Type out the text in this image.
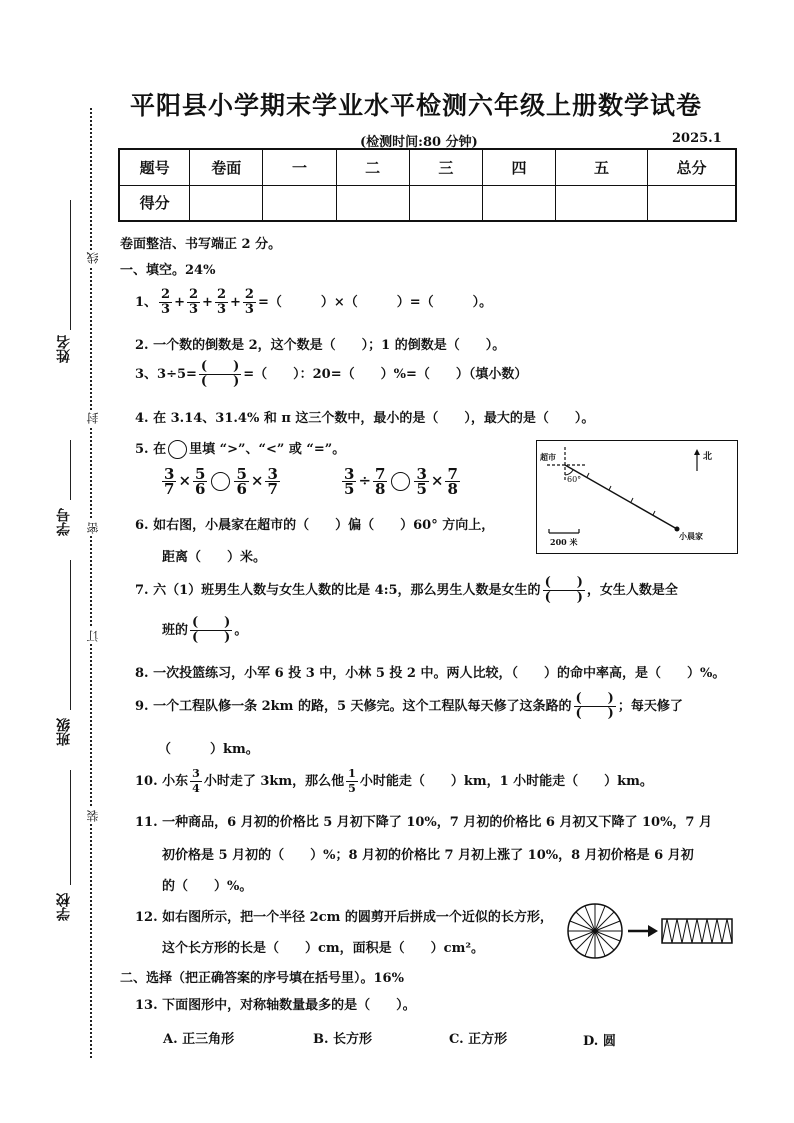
线
封
密
订
装
姓名
学号
班级
学校
平阳县小学期末学业水平检测六年级上册数学试卷
(检测时间:80 分钟)	2025.1
题号	卷面	一	二	三	四	五	总分
得分							
卷面整洁、书写端正 2 分。
一、填空。24%
1、 $\frac{2}{3} + \frac{2}{3} + \frac{2}{3} + \frac{2}{3}$ =（　　　）×（　　　）=（　　　）。
2. 一个数的倒数是 2，这个数是（　　）；1 的倒数是（　　）。
3、$3\div 5= \frac{( )}{( )}$ =（　　）：20=（　　）%=（　　）（填小数）
4. 在 3.14、31.4% 和 π 这三个数中，最小的是（　　），最大的是（　　）。
5. 在 里填 “>”、“<” 或 “=”。
$\frac{3}{7} \times \frac{5}{6} \frac{5}{6} \times \frac{3}{7}$	$\frac{3}{5} \div \frac{7}{8} \frac{3}{5} \times \frac{7}{8}$
超市
60°
北
200 米
小晨家
6. 如右图，小晨家在超市的（　　）偏（　　）60° 方向上，
距离（　　）米。
7. 六（1）班男生人数与女生人数的比是 4:5，那么男生人数是女生的 $\frac{( )}{( )}$ ，女生人数是全
班的 $\frac{( )}{( )}$ 。
8. 一次投篮练习，小军 6 投 3 中，小林 5 投 2 中。两人比较，（　　）的命中率高，是（　　）%。
9. 一个工程队修一条 2km 的路，5 天修完。这个工程队每天修了这条路的 $\frac{( )}{( )}$ ；每天修了
（　　　）km。
10. 小东 $\frac{3}{4}$ 小时走了 3km，那么他 $\frac{1}{5}$ 小时能走（　　）km，1 小时能走（　　）km。
11. 一种商品，6 月初的价格比 5 月初下降了 10%，7 月初的价格比 6 月初又下降了 10%，7 月
初价格是 5 月初的（　　）%；8 月初的价格比 7 月初上涨了 10%，8 月初价格是 6 月初
的（　　）%。
12. 如右图所示，把一个半径 2cm 的圆剪开后拼成一个近似的长方形，
这个长方形的长是（　　）cm，面积是（　　）cm²。
二、选择（把正确答案的序号填在括号里）。16%
13. 下面图形中，对称轴数量最多的是（　　）。
A. 正三角形	B. 长方形	C. 正方形	D. 圆
